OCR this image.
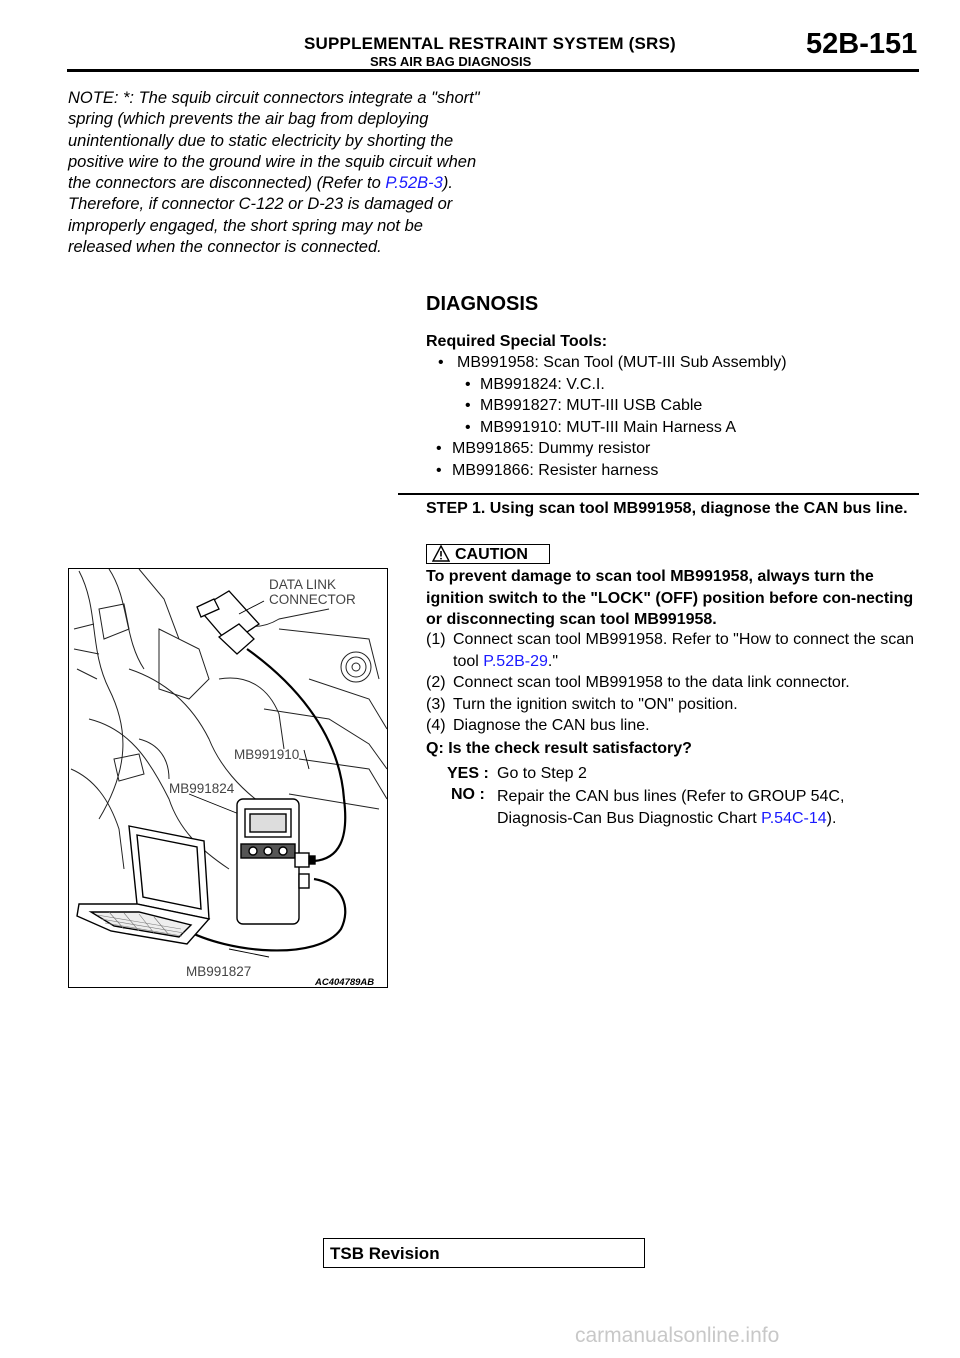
SUPPLEMENTAL RESTRAINT SYSTEM (SRS)
SRS AIR BAG DIAGNOSIS
52B-151
NOTE: *: The squib circuit connectors integrate a "short" spring (which prevents the air bag from deploying unintentionally due to static electricity by shorting the positive wire to the ground wire in the squib circuit when the connectors are disconnected) (Refer to P.52B-3). Therefore, if connector C-122 or D-23 is damaged or improperly engaged, the short spring may not be released when the connector is connected.
DIAGNOSIS
Required Special Tools:
• MB991958: Scan Tool (MUT-III Sub Assembly)
• MB991824: V.C.I.
• MB991827: MUT-III USB Cable
• MB991910: MUT-III Main Harness A
• MB991865: Dummy resistor
• MB991866: Resister harness
STEP 1. Using scan tool MB991958, diagnose the CAN bus line.
CAUTION
To prevent damage to scan tool MB991958, always turn the ignition switch to the "LOCK" (OFF) position before con-necting or disconnecting scan tool MB991958.
(1) Connect scan tool MB991958. Refer to "How to connect the scan tool P.52B-29."
(2) Connect scan tool MB991958 to the data link connector.
(3) Turn the ignition switch to "ON" position.
(4) Diagnose the CAN bus line.
Q: Is the check result satisfactory?
YES : Go to Step 2
NO : Repair the CAN bus lines (Refer to GROUP 54C, Diagnosis-Can Bus Diagnostic Chart P.54C-14).
DATA LINK
CONNECTOR
MB991910
MB991824
MB991827
AC404789AB
TSB Revision
carmanualsonline.info
